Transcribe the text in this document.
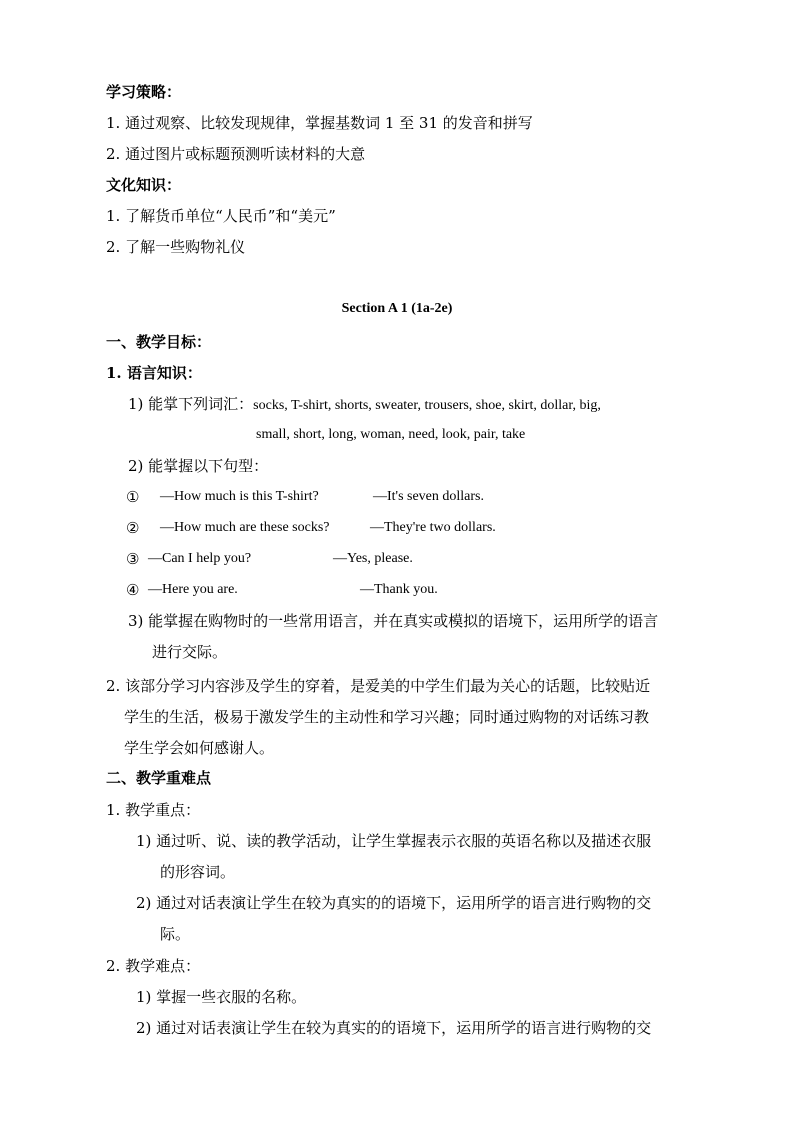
学习策略：
1. 通过观察、比较发现规律，掌握基数词 1 至 31 的发音和拼写
2. 通过图片或标题预测听读材料的大意
文化知识：
1. 了解货币单位“人民币”和“美元”
2. 了解一些购物礼仪
Section A 1 (1a-2e)
一、教学目标：
1. 语言知识：
1) 能掌下列词汇：socks, T-shirt, shorts, sweater, trousers, shoe, skirt, dollar, big,
small, short, long, woman, need, look, pair, take
2) 能掌握以下句型：
① —How much is this T-shirt?	—It's seven dollars.
② —How much are these socks?	—They're two dollars.
③ —Can I help you?	—Yes, please.
④ —Here you are.	—Thank you.
3) 能掌握在购物时的一些常用语言，并在真实或模拟的语境下，运用所学的语言
进行交际。
2. 该部分学习内容涉及学生的穿着，是爱美的中学生们最为关心的话题，比较贴近
学生的生活，极易于激发学生的主动性和学习兴趣；同时通过购物的对话练习教
学生学会如何感谢人。
二、教学重难点
1. 教学重点：
1) 通过听、说、读的教学活动，让学生掌握表示衣服的英语名称以及描述衣服
的形容词。
2) 通过对话表演让学生在较为真实的的语境下，运用所学的语言进行购物的交
际。
2. 教学难点：
1) 掌握一些衣服的名称。
2) 通过对话表演让学生在较为真实的的语境下，运用所学的语言进行购物的交
